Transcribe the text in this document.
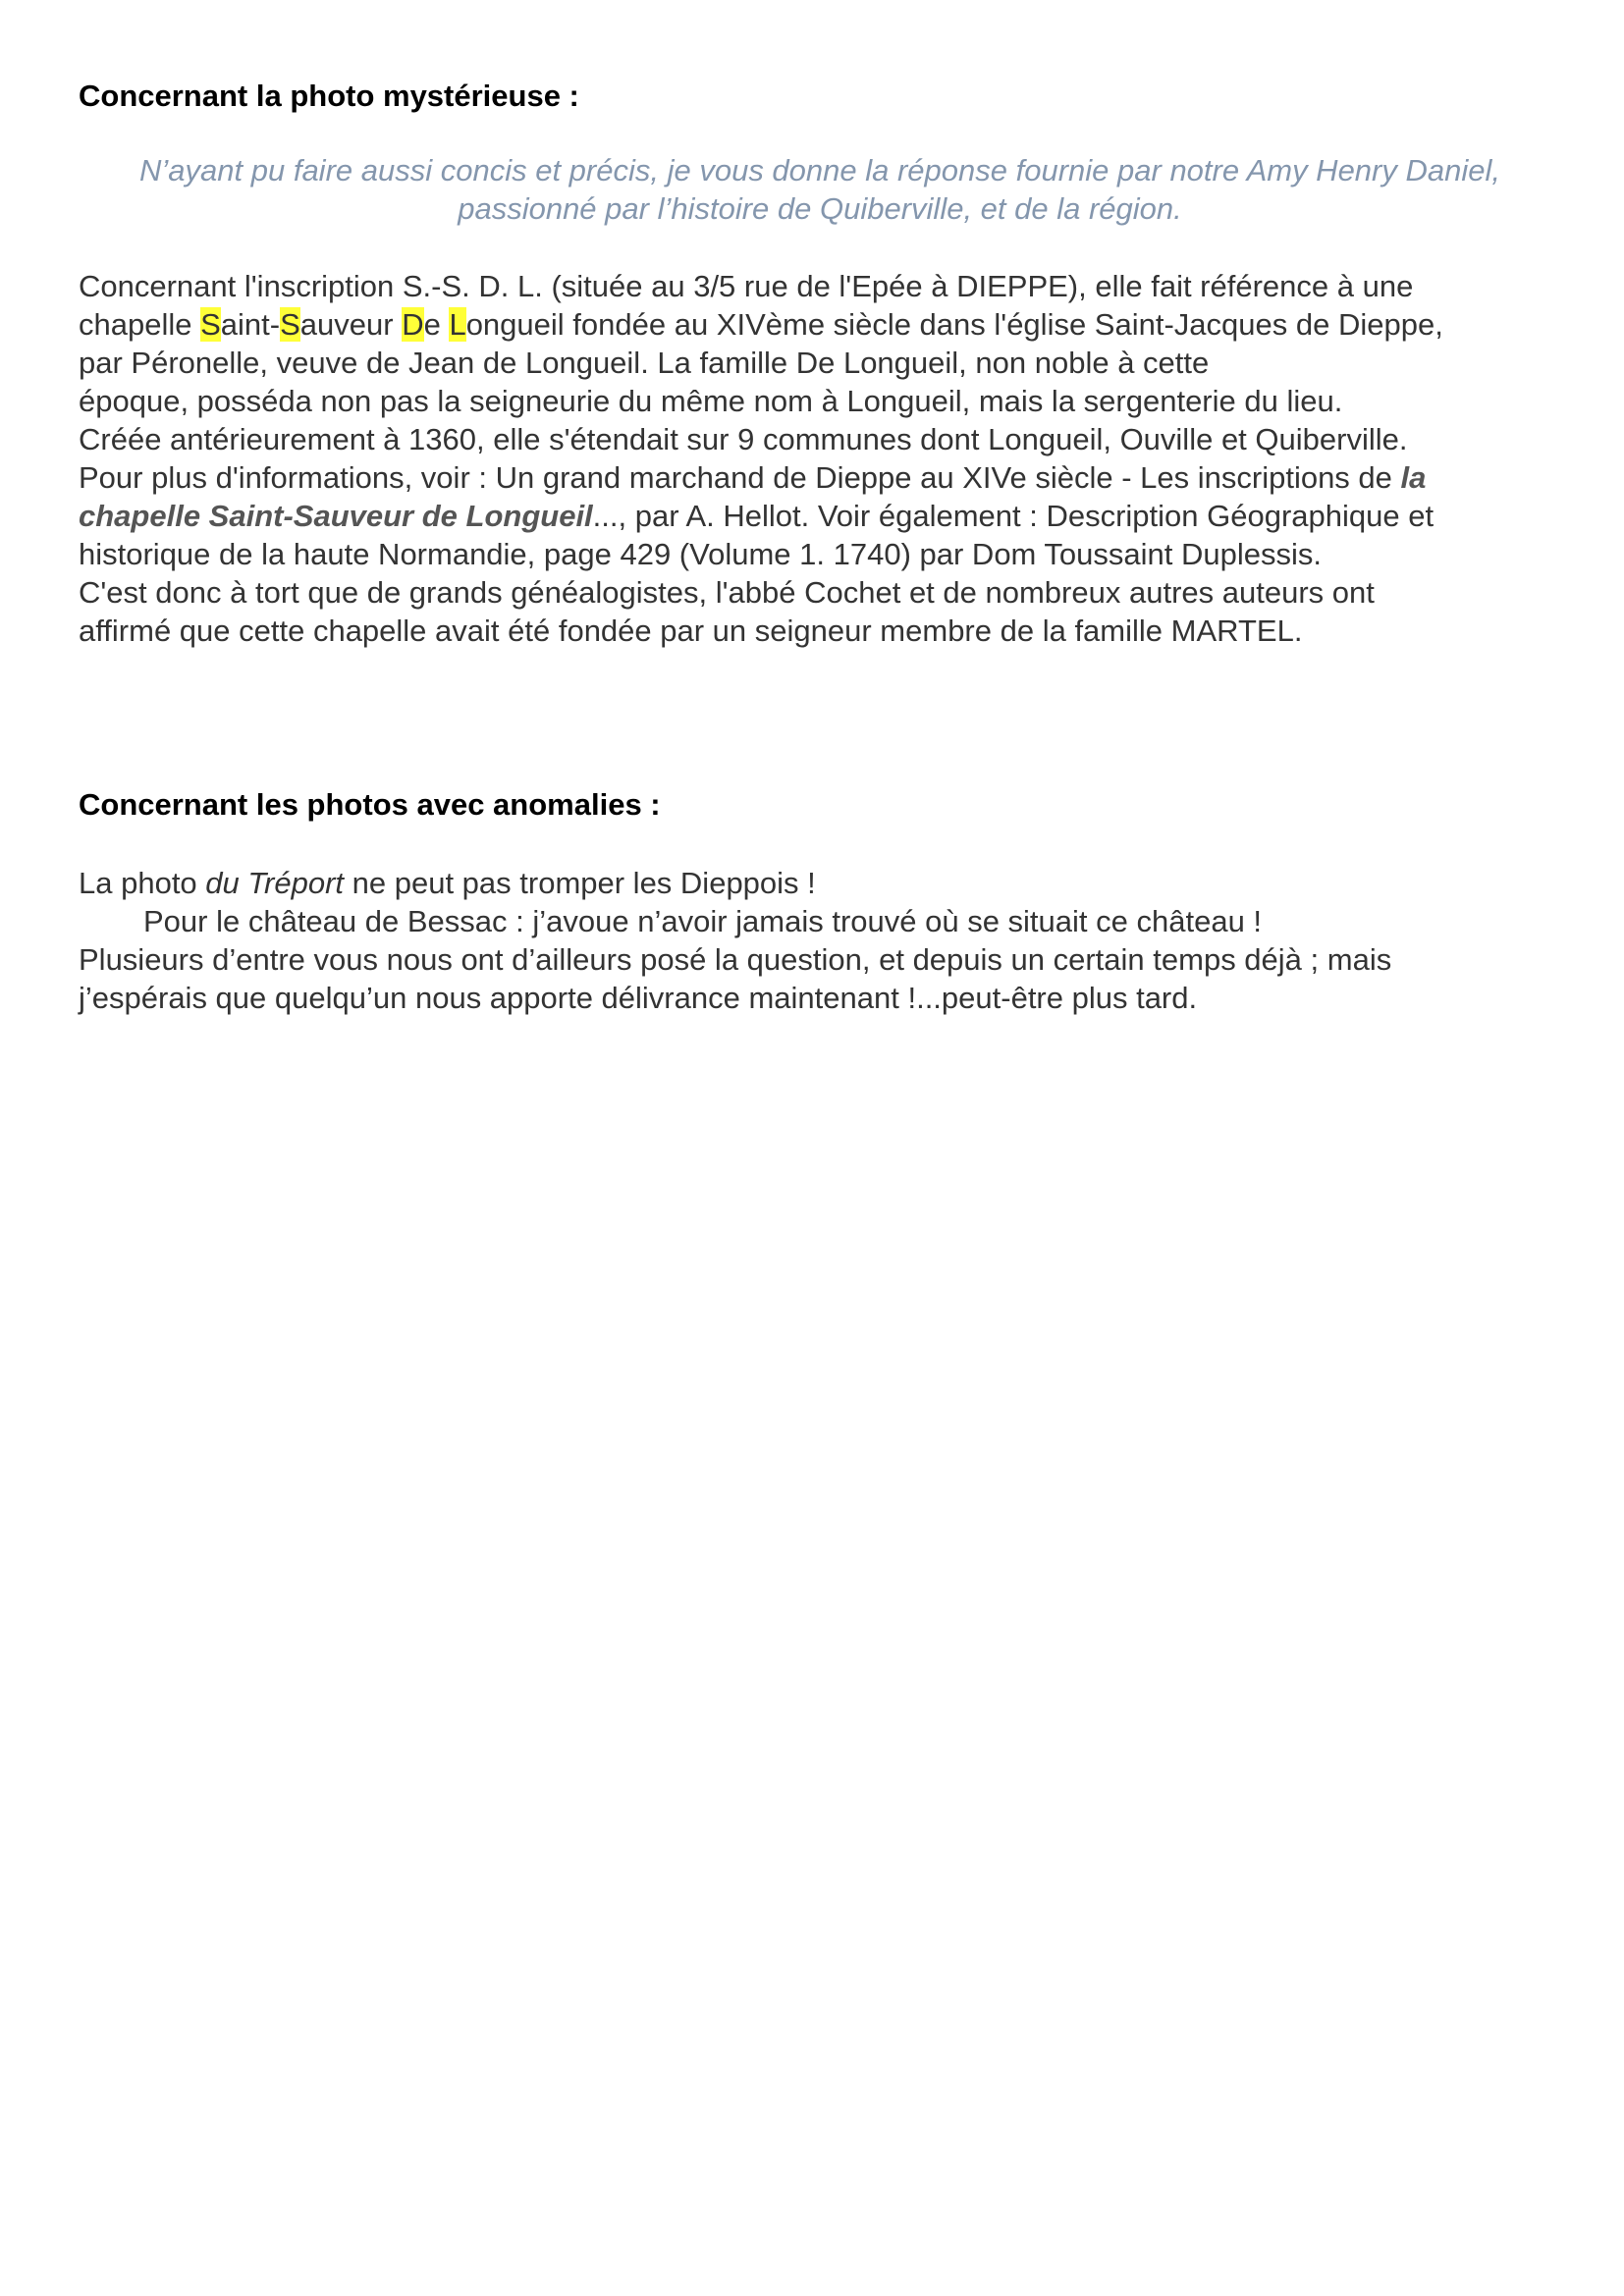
Concernant la photo mystérieuse :

N’ayant pu faire aussi concis et précis, je vous donne la réponse fournie par notre Amy Henry Daniel,
passionné par l’histoire de Quiberville, et de la région.

Concernant l'inscription S.-S. D. L. (située au 3/5 rue de l'Epée à DIEPPE), elle fait référence à une
chapelle Saint-Sauveur De Longueil fondée au XIVème siècle dans l'église Saint-Jacques de Dieppe,
par Péronelle, veuve de Jean de Longueil. La famille De Longueil, non noble à cette
époque, posséda non pas la seigneurie du même nom à Longueil, mais la sergenterie du lieu.
Créée antérieurement à 1360, elle s'étendait sur 9 communes dont Longueil, Ouville et Quiberville.
Pour plus d'informations, voir : Un grand marchand de Dieppe au XIVe siècle - Les inscriptions de la
chapelle Saint-Sauveur de Longueil..., par A. Hellot. Voir également : Description Géographique et
historique de la haute Normandie, page 429 (Volume 1. 1740) par Dom Toussaint Duplessis.
C'est donc à tort que de grands généalogistes, l'abbé Cochet et de nombreux autres auteurs ont
affirmé que cette chapelle avait été fondée par un seigneur membre de la famille MARTEL.

Concernant les photos avec anomalies :

La photo du Tréport ne peut pas tromper les Dieppois !
Pour le château de Bessac : j’avoue n’avoir jamais trouvé où se situait ce château !
Plusieurs d’entre vous nous ont d’ailleurs posé la question, et depuis un certain temps déjà ; mais
j’espérais que quelqu’un nous apporte délivrance maintenant !...peut-être plus tard.
